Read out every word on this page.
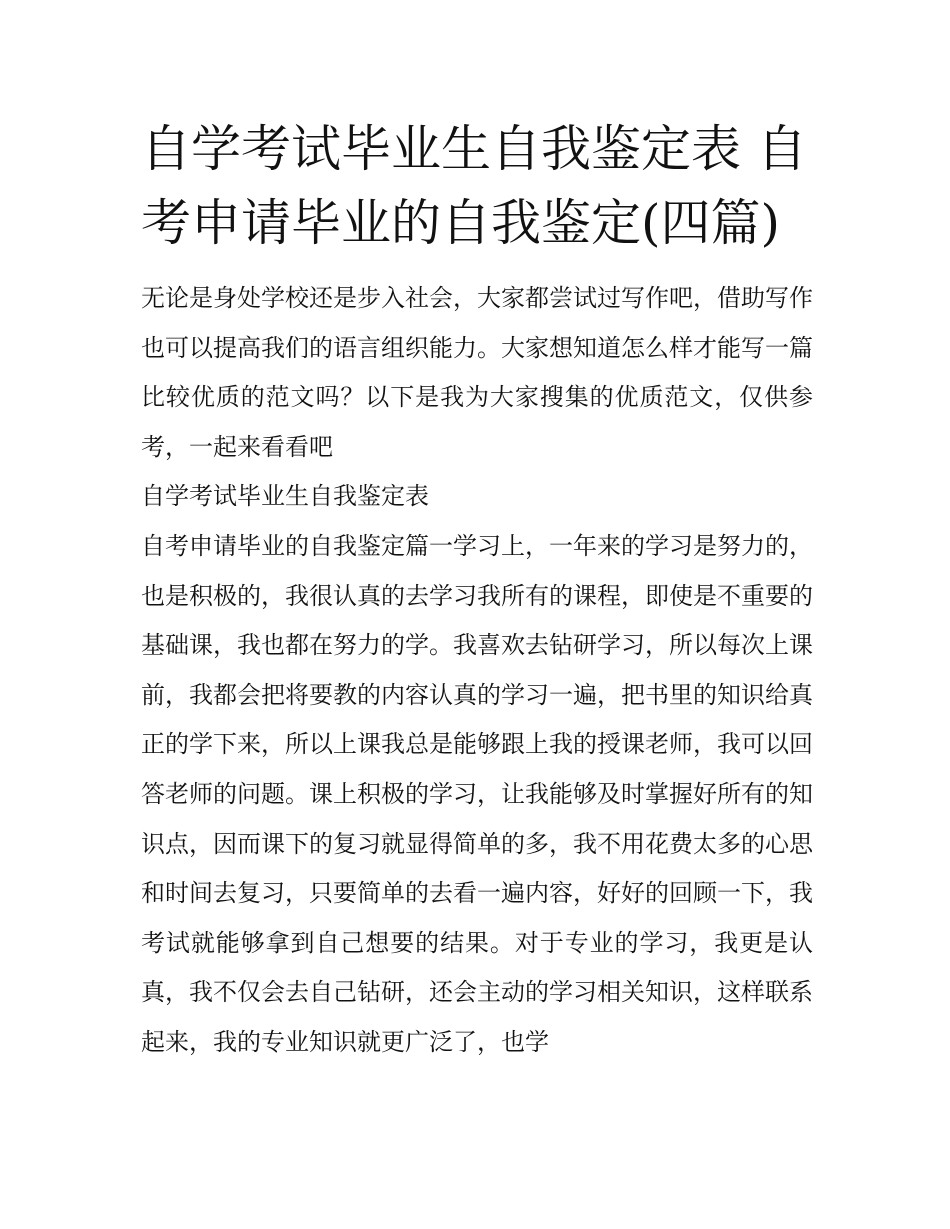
自学考试毕业生自我鉴定表 自考申请毕业的自我鉴定(四篇)

无论是身处学校还是步入社会，大家都尝试过写作吧，借助写作也可以提高我们的语言组织能力。大家想知道怎么样才能写一篇比较优质的范文吗？以下是我为大家搜集的优质范文，仅供参考，一起来看看吧

自学考试毕业生自我鉴定表

自考申请毕业的自我鉴定篇一学习上，一年来的学习是努力的，也是积极的，我很认真的去学习我所有的课程，即使是不重要的基础课，我也都在努力的学。我喜欢去钻研学习，所以每次上课前，我都会把将要教的内容认真的学习一遍，把书里的知识给真正的学下来，所以上课我总是能够跟上我的授课老师，我可以回答老师的问题。课上积极的学习，让我能够及时掌握好所有的知识点，因而课下的复习就显得简单的多，我不用花费太多的心思和时间去复习，只要简单的去看一遍内容，好好的回顾一下，我考试就能够拿到自己想要的结果。对于专业的学习，我更是认真，我不仅会去自己钻研，还会主动的学习相关知识，这样联系起来，我的专业知识就更广泛了，也学
